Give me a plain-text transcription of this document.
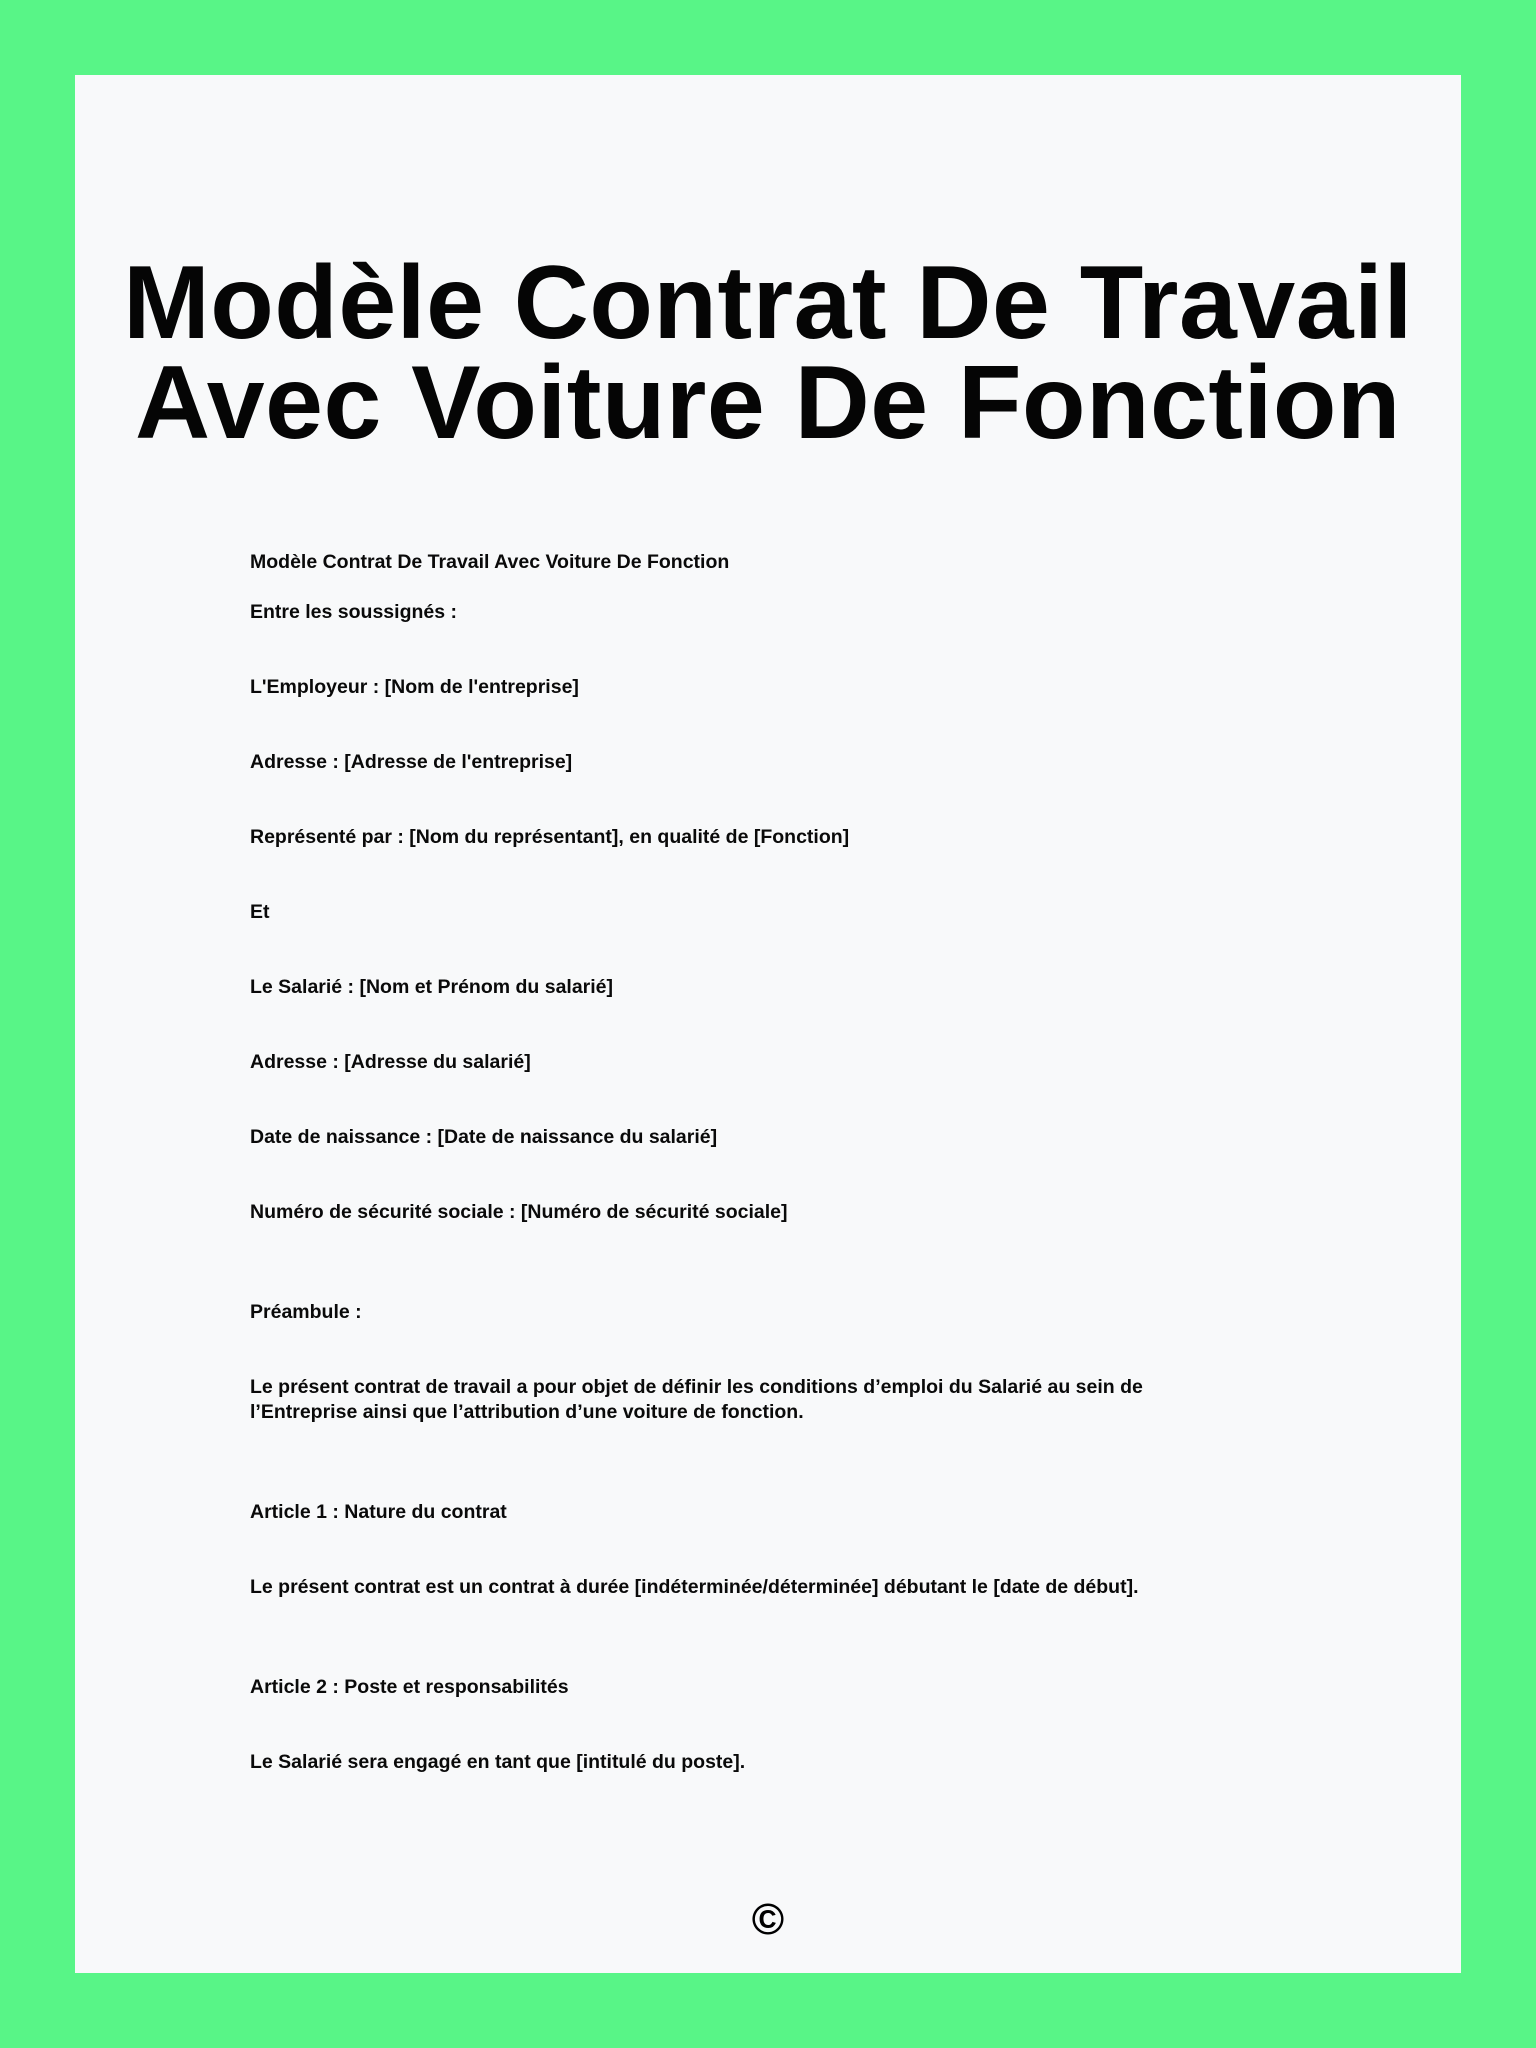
Modèle Contrat De Travail
Avec Voiture De Fonction

Modèle Contrat De Travail Avec Voiture De Fonction

Entre les soussignés :

L'Employeur : [Nom de l'entreprise]

Adresse : [Adresse de l'entreprise]

Représenté par : [Nom du représentant], en qualité de [Fonction]

Et

Le Salarié : [Nom et Prénom du salarié]

Adresse : [Adresse du salarié]

Date de naissance : [Date de naissance du salarié]

Numéro de sécurité sociale : [Numéro de sécurité sociale]

Préambule :

Le présent contrat de travail a pour objet de définir les conditions d’emploi du Salarié au sein de

l’Entreprise ainsi que l’attribution d’une voiture de fonction.

Article 1 : Nature du contrat

Le présent contrat est un contrat à durée [indéterminée/déterminée] débutant le [date de début].

Article 2 : Poste et responsabilités

Le Salarié sera engagé en tant que [intitulé du poste].

©
